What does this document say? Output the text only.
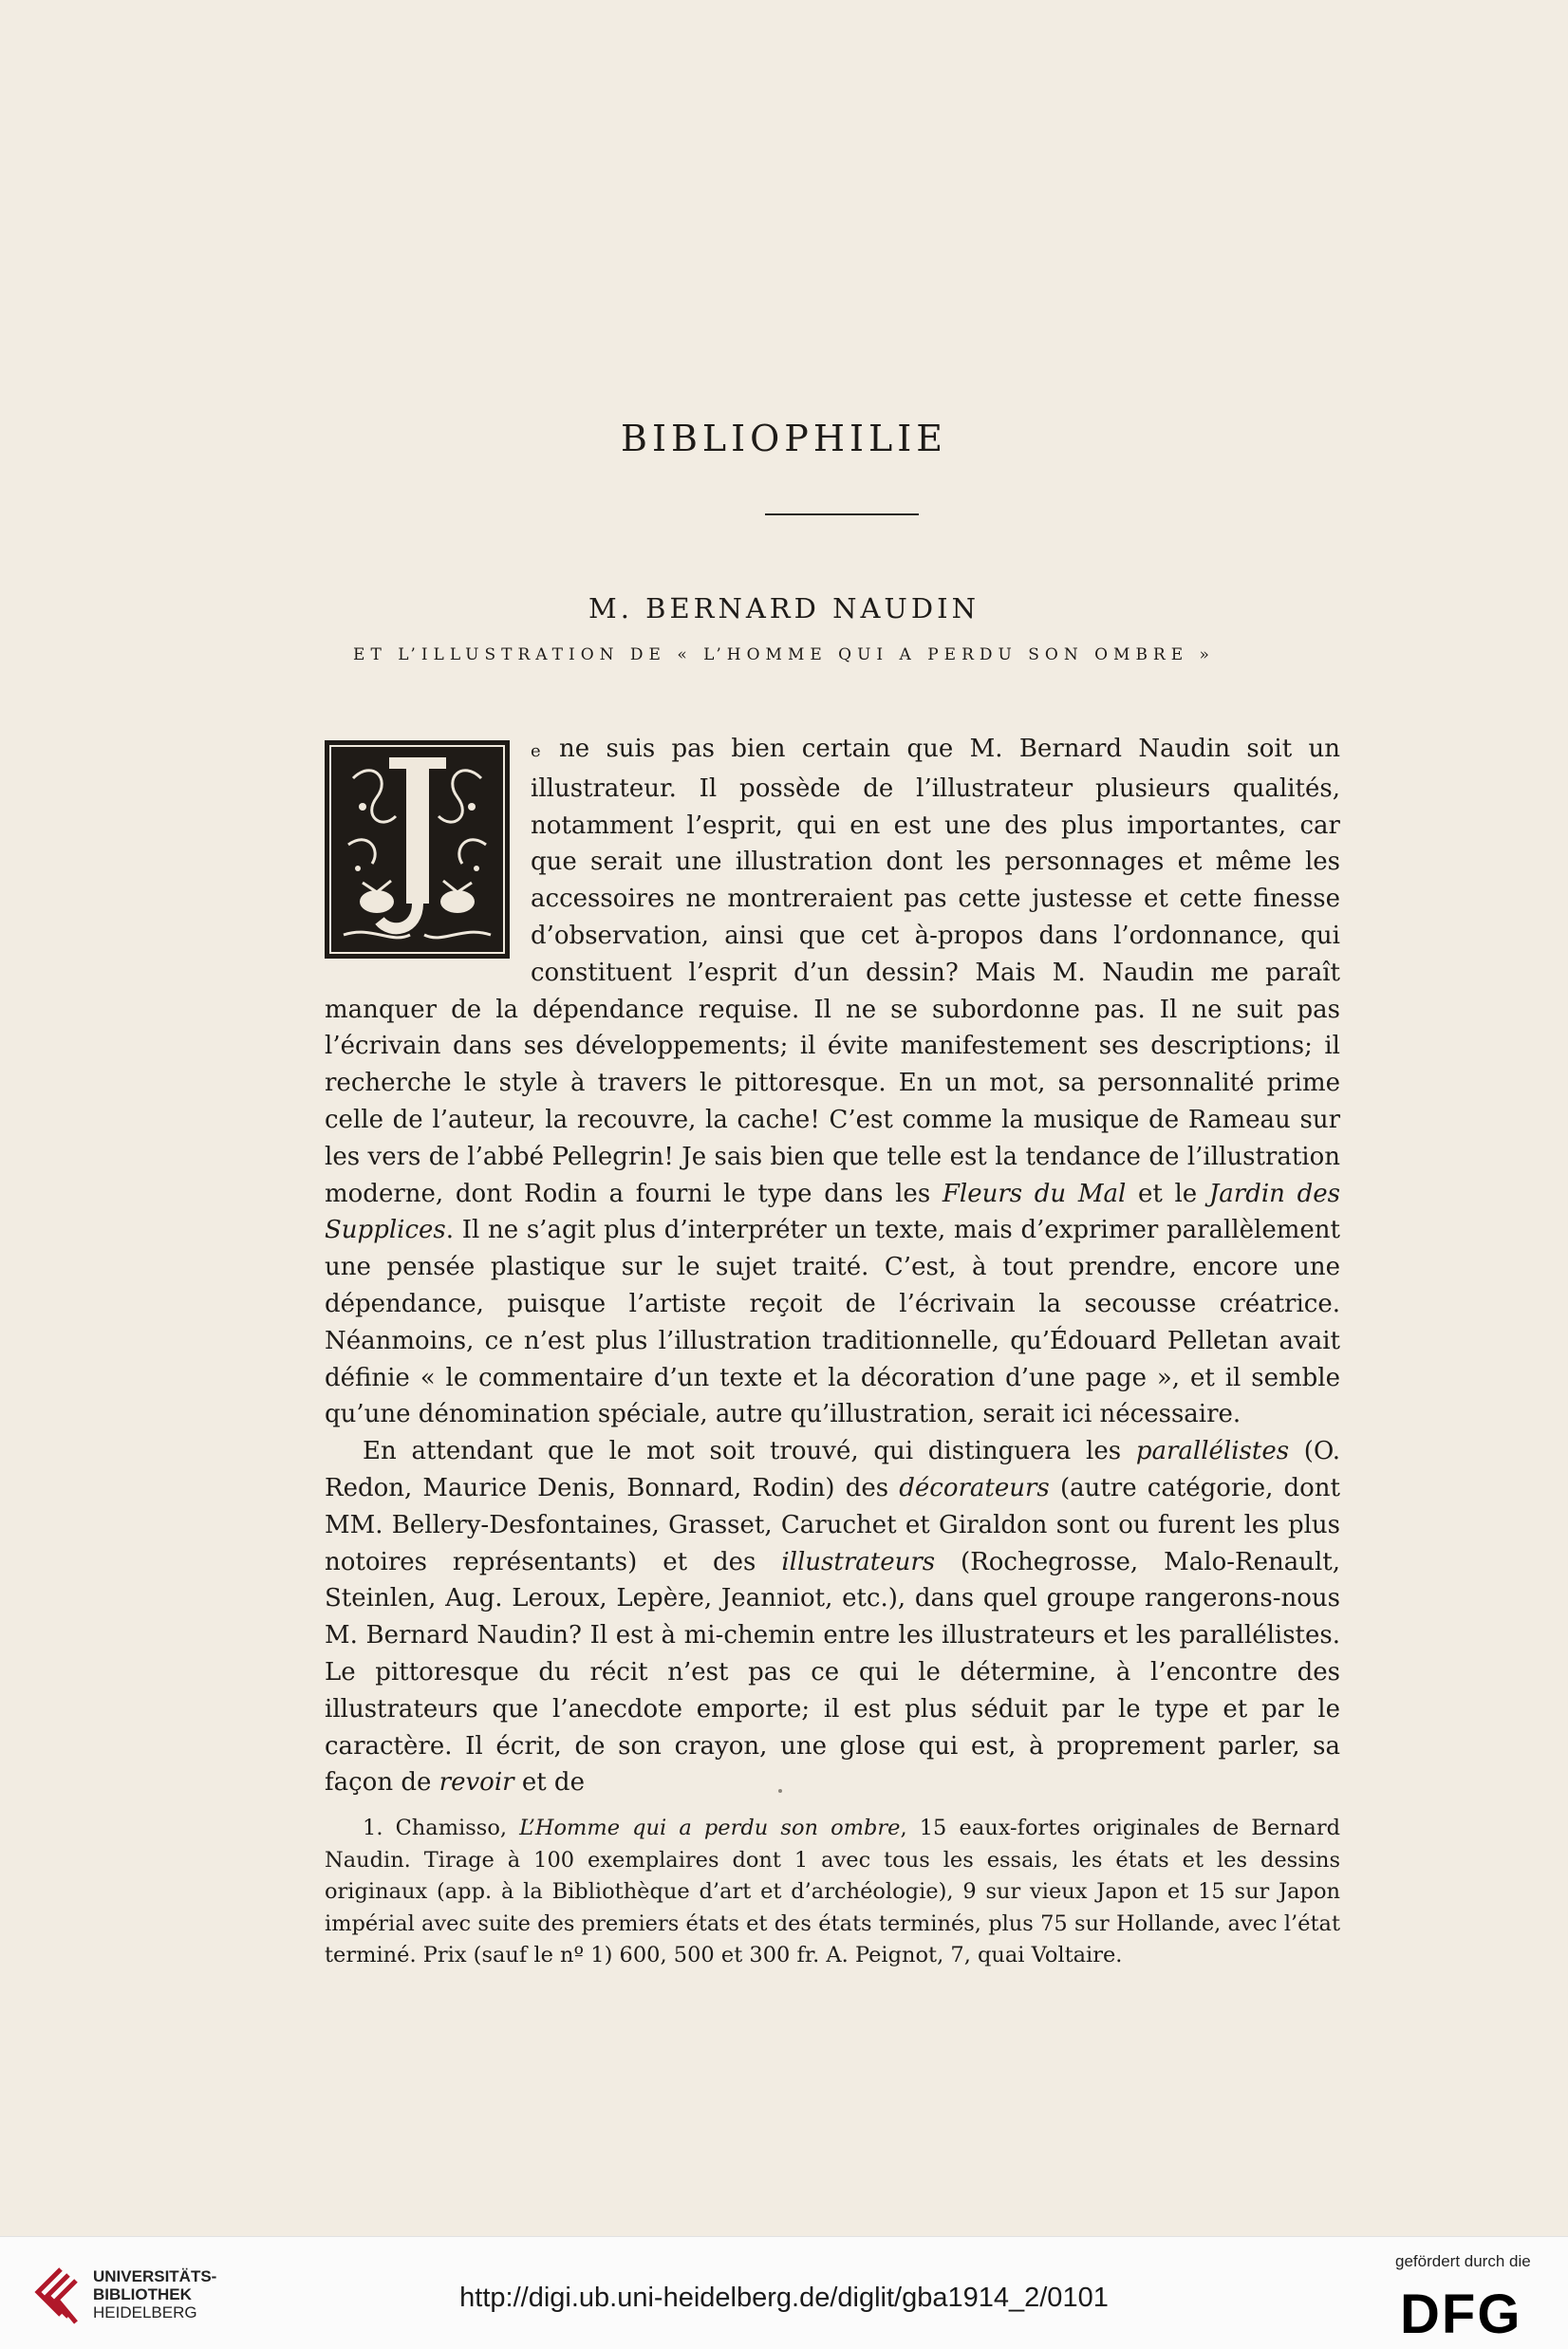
BIBLIOPHILIE
M. BERNARD NAUDIN
ET L’ILLUSTRATION DE « L’HOMME QUI A PERDU SON OMBRE »

e ne suis pas bien certain que M. Bernard Naudin soit un illustrateur. Il possède de l’illustrateur plusieurs qualités, notamment l’esprit, qui en est une des plus importantes, car que serait une illustration dont les personnages et même les accessoires ne montreraient pas cette justesse et cette finesse d’observation, ainsi que cet à-propos dans l’ordonnance, qui constituent l’esprit d’un dessin? Mais M. Naudin me paraît manquer de la dépendance requise. Il ne se subordonne pas. Il ne suit pas l’écrivain dans ses développements; il évite manifestement ses descriptions; il recherche le style à travers le pittoresque. En un mot, sa personnalité prime celle de l’auteur, la recouvre, la cache! C’est comme la musique de Rameau sur les vers de l’abbé Pellegrin! Je sais bien que telle est la tendance de l’illustration moderne, dont Rodin a fourni le type dans les Fleurs du Mal et le Jardin des Supplices. Il ne s’agit plus d’interpréter un texte, mais d’exprimer parallèlement une pensée plastique sur le sujet traité. C’est, à tout prendre, encore une dépendance, puisque l’artiste reçoit de l’écrivain la secousse créatrice. Néanmoins, ce n’est plus l’illustration traditionnelle, qu’Édouard Pelletan avait définie « le commentaire d’un texte et la décoration d’une page », et il semble qu’une dénomination spéciale, autre qu’illustration, serait ici nécessaire.

En attendant que le mot soit trouvé, qui distinguera les parallélistes (O. Redon, Maurice Denis, Bonnard, Rodin) des décorateurs (autre catégorie, dont MM. Bellery-Desfontaines, Grasset, Caruchet et Giraldon sont ou furent les plus notoires représentants) et des illustrateurs (Rochegrosse, Malo-Renault, Steinlen, Aug. Leroux, Lepère, Jeanniot, etc.), dans quel groupe rangerons-nous M. Bernard Naudin? Il est à mi-chemin entre les illustrateurs et les parallélistes. Le pittoresque du récit n’est pas ce qui le détermine, à l’encontre des illustrateurs que l’anecdote emporte; il est plus séduit par le type et par le caractère. Il écrit, de son crayon, une glose qui est, à proprement parler, sa façon de revoir et de

1. Chamisso, L’Homme qui a perdu son ombre, 15 eaux-fortes originales de Bernard Naudin. Tirage à 100 exemplaires dont 1 avec tous les essais, les états et les dessins originaux (app. à la Bibliothèque d’art et d’archéologie), 9 sur vieux Japon et 15 sur Japon impérial avec suite des premiers états et des états terminés, plus 75 sur Hollande, avec l’état terminé. Prix (sauf le nº 1) 600, 500 et 300 fr. A. Peignot, 7, quai Voltaire.

UNIVERSITÄTS-
BIBLIOTHEK
HEIDELBERG	http://digi.ub.uni-heidelberg.de/diglit/gba1914_2/0101
gefördert durch die
DFG
